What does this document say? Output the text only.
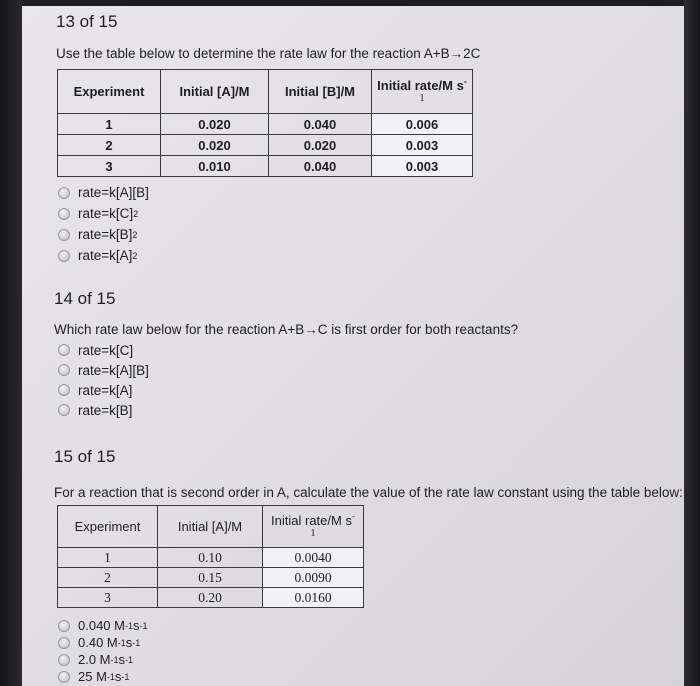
13 of 15
Use the table below to determine the rate law for the reaction A+B→2C
Experiment	Initial [A]/M	Initial [B]/M	Initial rate/M s-
1

1	0.020	0.040	0.006
2	0.020	0.020	0.003
3	0.010	0.040	0.003
rate=k[A][B]
rate=k[C] 2
rate=k[B] 2
rate=k[A] 2
14 of 15
Which rate law below for the reaction A+B→C is first order for both reactants?
rate=k[C]
rate=k[A][B]
rate=k[A]
rate=k[B]
15 of 15
For a reaction that is second order in A, calculate the value of the rate law constant using the table below:
Experiment	Initial [A]/M	Initial rate/M s-
1

1	0.10	0.0040
2	0.15	0.0090
3	0.20	0.0160
0.040 M -1 s -1
0.40 M -1 s -1
2.0 M -1 s -1
25 M -1 s -1
